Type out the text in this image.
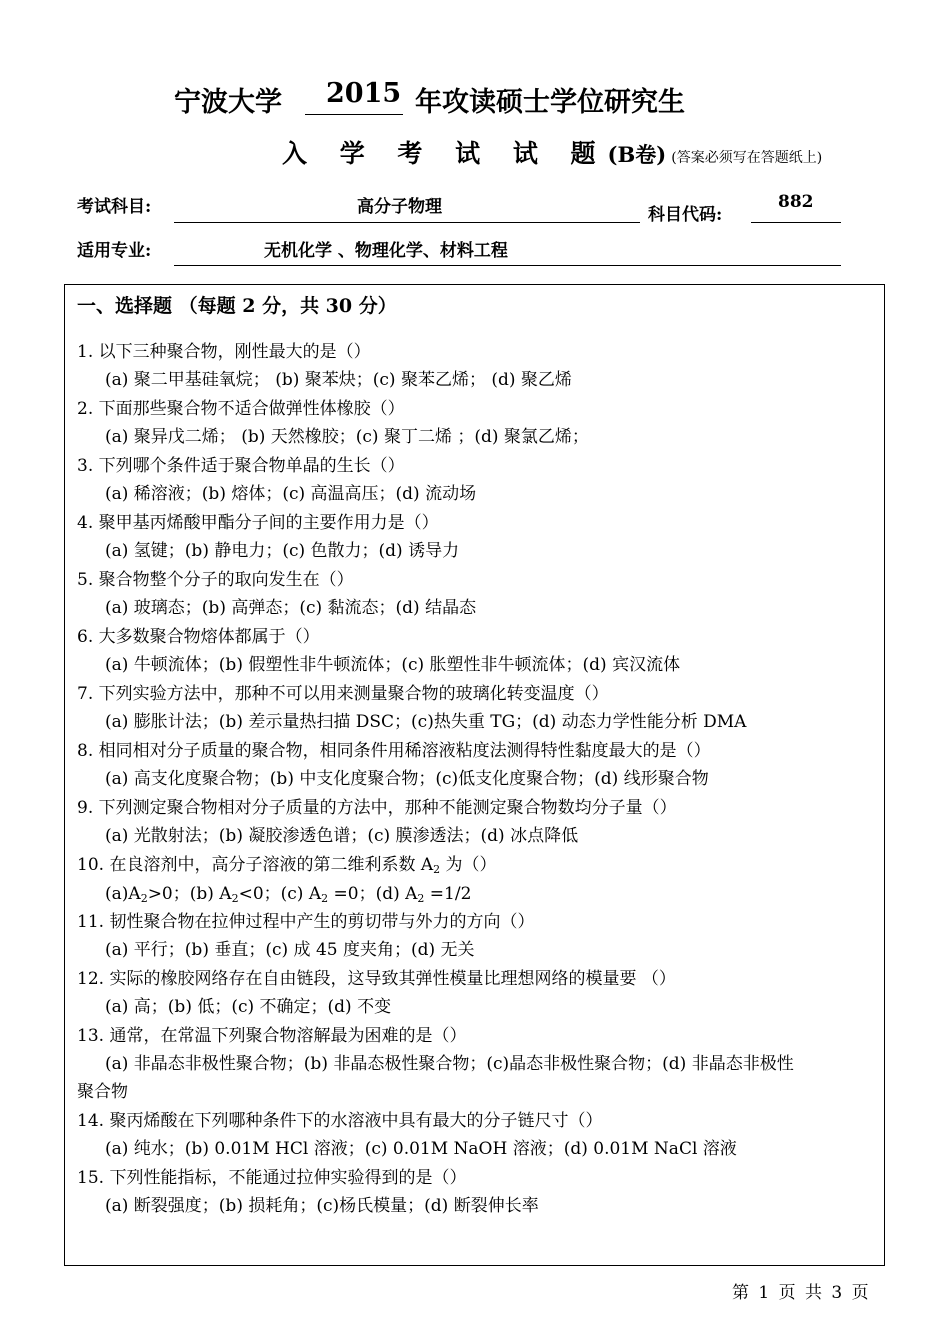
宁波大学 2015 年攻读硕士学位研究生
入 学 考 试 试 题(B卷) (答案必须写在答题纸上)
考试科目:	高分子物理	科目代码:
882
适用专业:	无机化学 、物理化学、材料工程
一、选择题 （每题 2 分，共 30 分）
1. 以下三种聚合物，刚性最大的是（）
(a) 聚二甲基硅氧烷； (b) 聚苯炔；(c) 聚苯乙烯； (d) 聚乙烯
2. 下面那些聚合物不适合做弹性体橡胶（）
(a) 聚异戊二烯； (b) 天然橡胶；(c) 聚丁二烯 ；(d) 聚氯乙烯；
3. 下列哪个条件适于聚合物单晶的生长（）
(a) 稀溶液；(b) 熔体；(c) 高温高压；(d) 流动场
4. 聚甲基丙烯酸甲酯分子间的主要作用力是（）
(a) 氢键；(b) 静电力；(c) 色散力；(d) 诱导力
5. 聚合物整个分子的取向发生在（）
(a) 玻璃态；(b) 高弹态；(c) 黏流态；(d) 结晶态
6. 大多数聚合物熔体都属于（）
(a) 牛顿流体；(b) 假塑性非牛顿流体；(c) 胀塑性非牛顿流体；(d) 宾汉流体
7. 下列实验方法中，那种不可以用来测量聚合物的玻璃化转变温度（）
(a) 膨胀计法；(b) 差示量热扫描 DSC；(c)热失重 TG；(d) 动态力学性能分析 DMA
8. 相同相对分子质量的聚合物，相同条件用稀溶液粘度法测得特性黏度最大的是（）
(a) 高支化度聚合物；(b) 中支化度聚合物；(c)低支化度聚合物；(d) 线形聚合物
9. 下列测定聚合物相对分子质量的方法中，那种不能测定聚合物数均分子量（）
(a) 光散射法；(b) 凝胶渗透色谱；(c) 膜渗透法；(d) 冰点降低
10. 在良溶剂中，高分子溶液的第二维利系数 $A_2$ 为（）
$(a)A_2>0$；(b) $A_2<0$；(c) $A_2 =0$；(d) $A_2 =1/2$
11. 韧性聚合物在拉伸过程中产生的剪切带与外力的方向（）
(a) 平行；(b) 垂直；(c) 成 45 度夹角；(d) 无关
12. 实际的橡胶网络存在自由链段，这导致其弹性模量比理想网络的模量要 （）
(a) 高；(b) 低；(c) 不确定；(d) 不变
13. 通常，在常温下列聚合物溶解最为困难的是（）
(a) 非晶态非极性聚合物；(b) 非晶态极性聚合物；(c)晶态非极性聚合物；(d) 非晶态非极性
聚合物
14. 聚丙烯酸在下列哪种条件下的水溶液中具有最大的分子链尺寸（）
(a) 纯水；(b) 0.01M HCl 溶液；(c) 0.01M NaOH 溶液；(d) 0.01M NaCl 溶液
15. 下列性能指标，不能通过拉伸实验得到的是（）
(a) 断裂强度；(b) 损耗角；(c)杨氏模量；(d) 断裂伸长率
第 1 页 共 3 页
